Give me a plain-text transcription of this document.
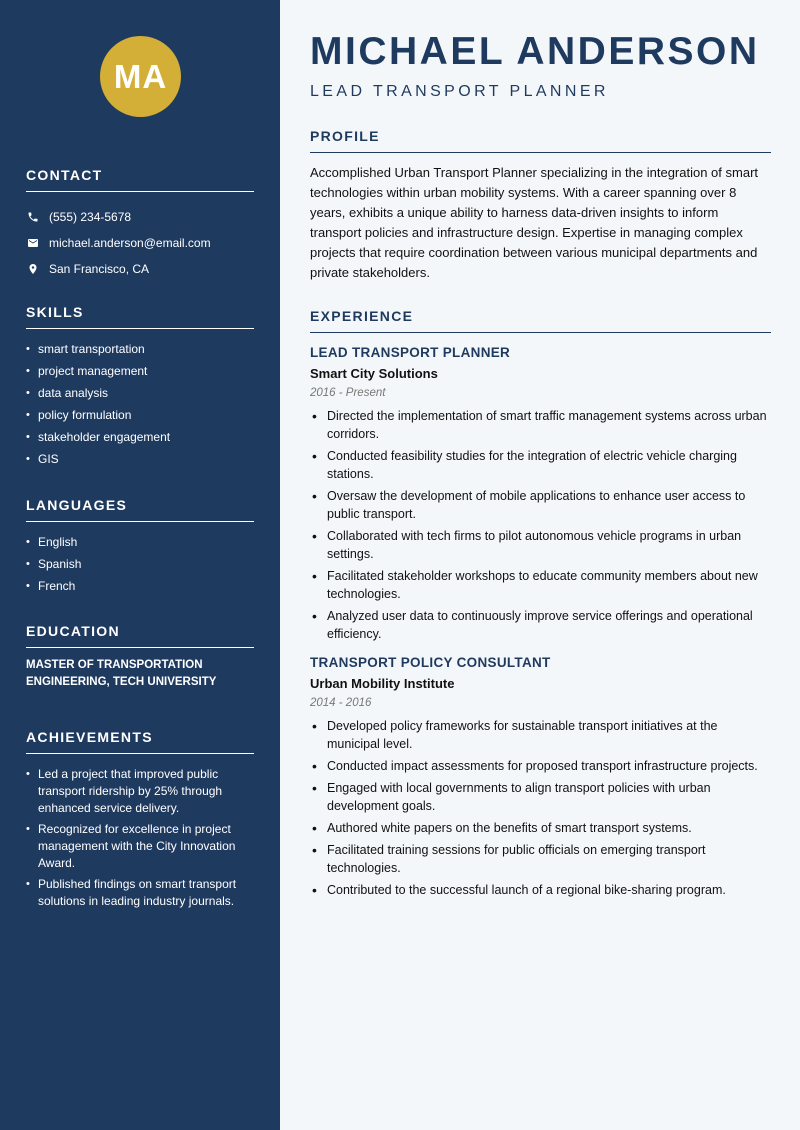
MA
CONTACT
(555) 234-5678
michael.anderson@email.com
San Francisco, CA
SKILLS
• smart transportation
• project management
• data analysis
• policy formulation
• stakeholder engagement
• GIS
LANGUAGES
• English
• Spanish
• French
EDUCATION
MASTER OF TRANSPORTATION ENGINEERING, TECH UNIVERSITY
ACHIEVEMENTS
• Led a project that improved public transport ridership by 25% through enhanced service delivery.
• Recognized for excellence in project management with the City Innovation Award.
• Published findings on smart transport solutions in leading industry journals.
MICHAEL ANDERSON
LEAD TRANSPORT PLANNER
PROFILE

Accomplished Urban Transport Planner specializing in the integration of smart technologies within urban mobility systems. With a career spanning over 8 years, exhibits a unique ability to harness data-driven insights to inform transport policies and infrastructure design. Expertise in managing complex projects that require coordination between various municipal departments and private stakeholders.

EXPERIENCE
LEAD TRANSPORT PLANNER
Smart City Solutions
2016 - Present
• Directed the implementation of smart traffic management systems across urban corridors.
• Conducted feasibility studies for the integration of electric vehicle charging stations.
• Oversaw the development of mobile applications to enhance user access to public transport.
• Collaborated with tech firms to pilot autonomous vehicle programs in urban settings.
• Facilitated stakeholder workshops to educate community members about new technologies.
• Analyzed user data to continuously improve service offerings and operational efficiency.
TRANSPORT POLICY CONSULTANT
Urban Mobility Institute
2014 - 2016
• Developed policy frameworks for sustainable transport initiatives at the municipal level.
• Conducted impact assessments for proposed transport infrastructure projects.
• Engaged with local governments to align transport policies with urban development goals.
• Authored white papers on the benefits of smart transport systems.
• Facilitated training sessions for public officials on emerging transport technologies.
• Contributed to the successful launch of a regional bike-sharing program.
